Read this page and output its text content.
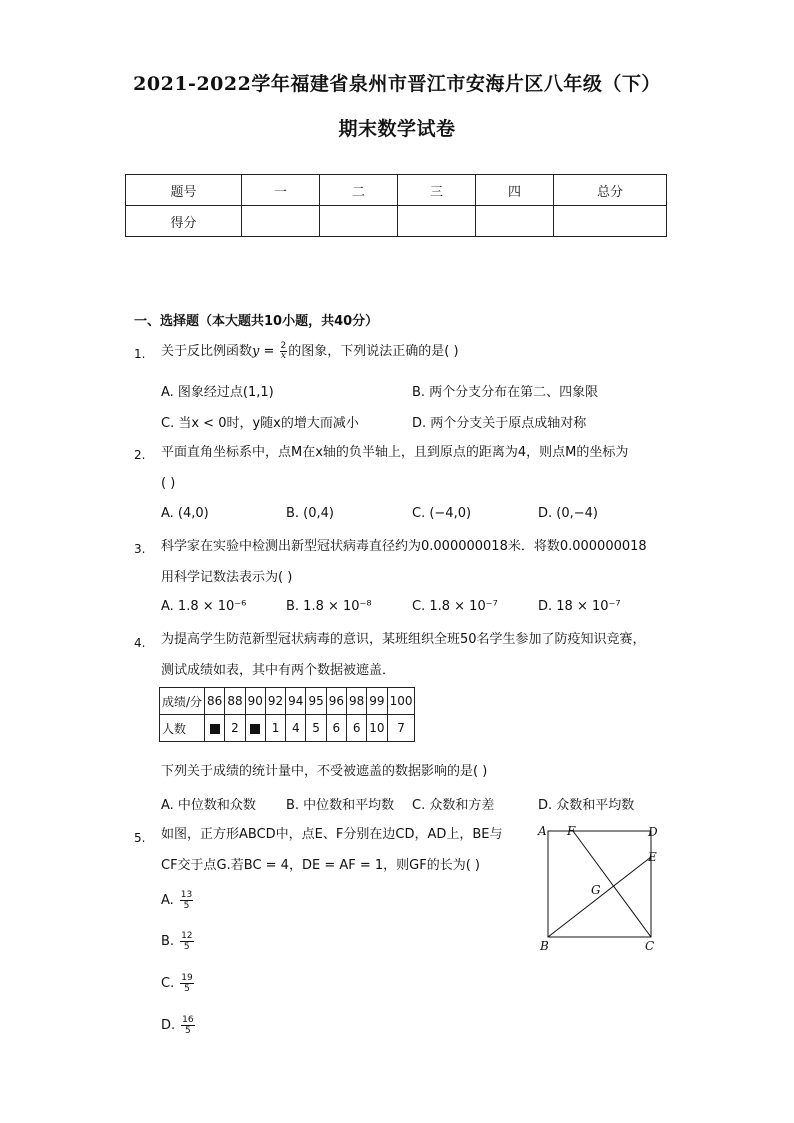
2021-2022学年福建省泉州市晋江市安海片区八年级（下）
期末数学试卷
题号	一	二	三	四	总分
得分					
一、选择题（本大题共10小题，共40分）
1. 关于反比例函数$y = \frac{2}{x}$ 的图象，下列说法正确的是( )
A. 图象经过点(1,1)	B. 两个分支分布在第二、四象限
C. 当x < 0时，y随x的增大而减小	D. 两个分支关于原点成轴对称
2. 平面直角坐标系中，点M在x轴的负半轴上，且到原点的距离为4，则点M的坐标为
( )
A. (4,0)	B. (0,4)	C. (−4,0)	D. (0,−4)
3. 科学家在实验中检测出新型冠状病毒直径约为0.000000018米．将数0.000000018
用科学记数法表示为( )
A. 1.8 × 10⁻⁶	B. 1.8 × 10⁻⁸	C. 1.8 × 10⁻⁷	D. 18 × 10⁻⁷
4. 为提高学生防范新型冠状病毒的意识，某班组织全班50名学生参加了防疫知识竞赛，
测试成绩如表，其中有两个数据被遮盖．
成绩/分	86	88	90	92	94	95	96	98	99	100
人数		2		1	4	5	6	6	10	7
下列关于成绩的统计量中，不受被遮盖的数据影响的是( )
A. 中位数和众数 B. 中位数和平均数 C. 众数和方差	D. 众数和平均数
5. 如图，正方形ABCD中，点E、F分别在边CD，AD上，BE与
CF交于点G.若BC = 4，DE = AF = 1，则GF的长为( )
A. $\frac{13}{5}$
B. $\frac{12}{5}$
C. $\frac{19}{5}$
D. $\frac{16}{5}$
A F	D
E
G
B	C
